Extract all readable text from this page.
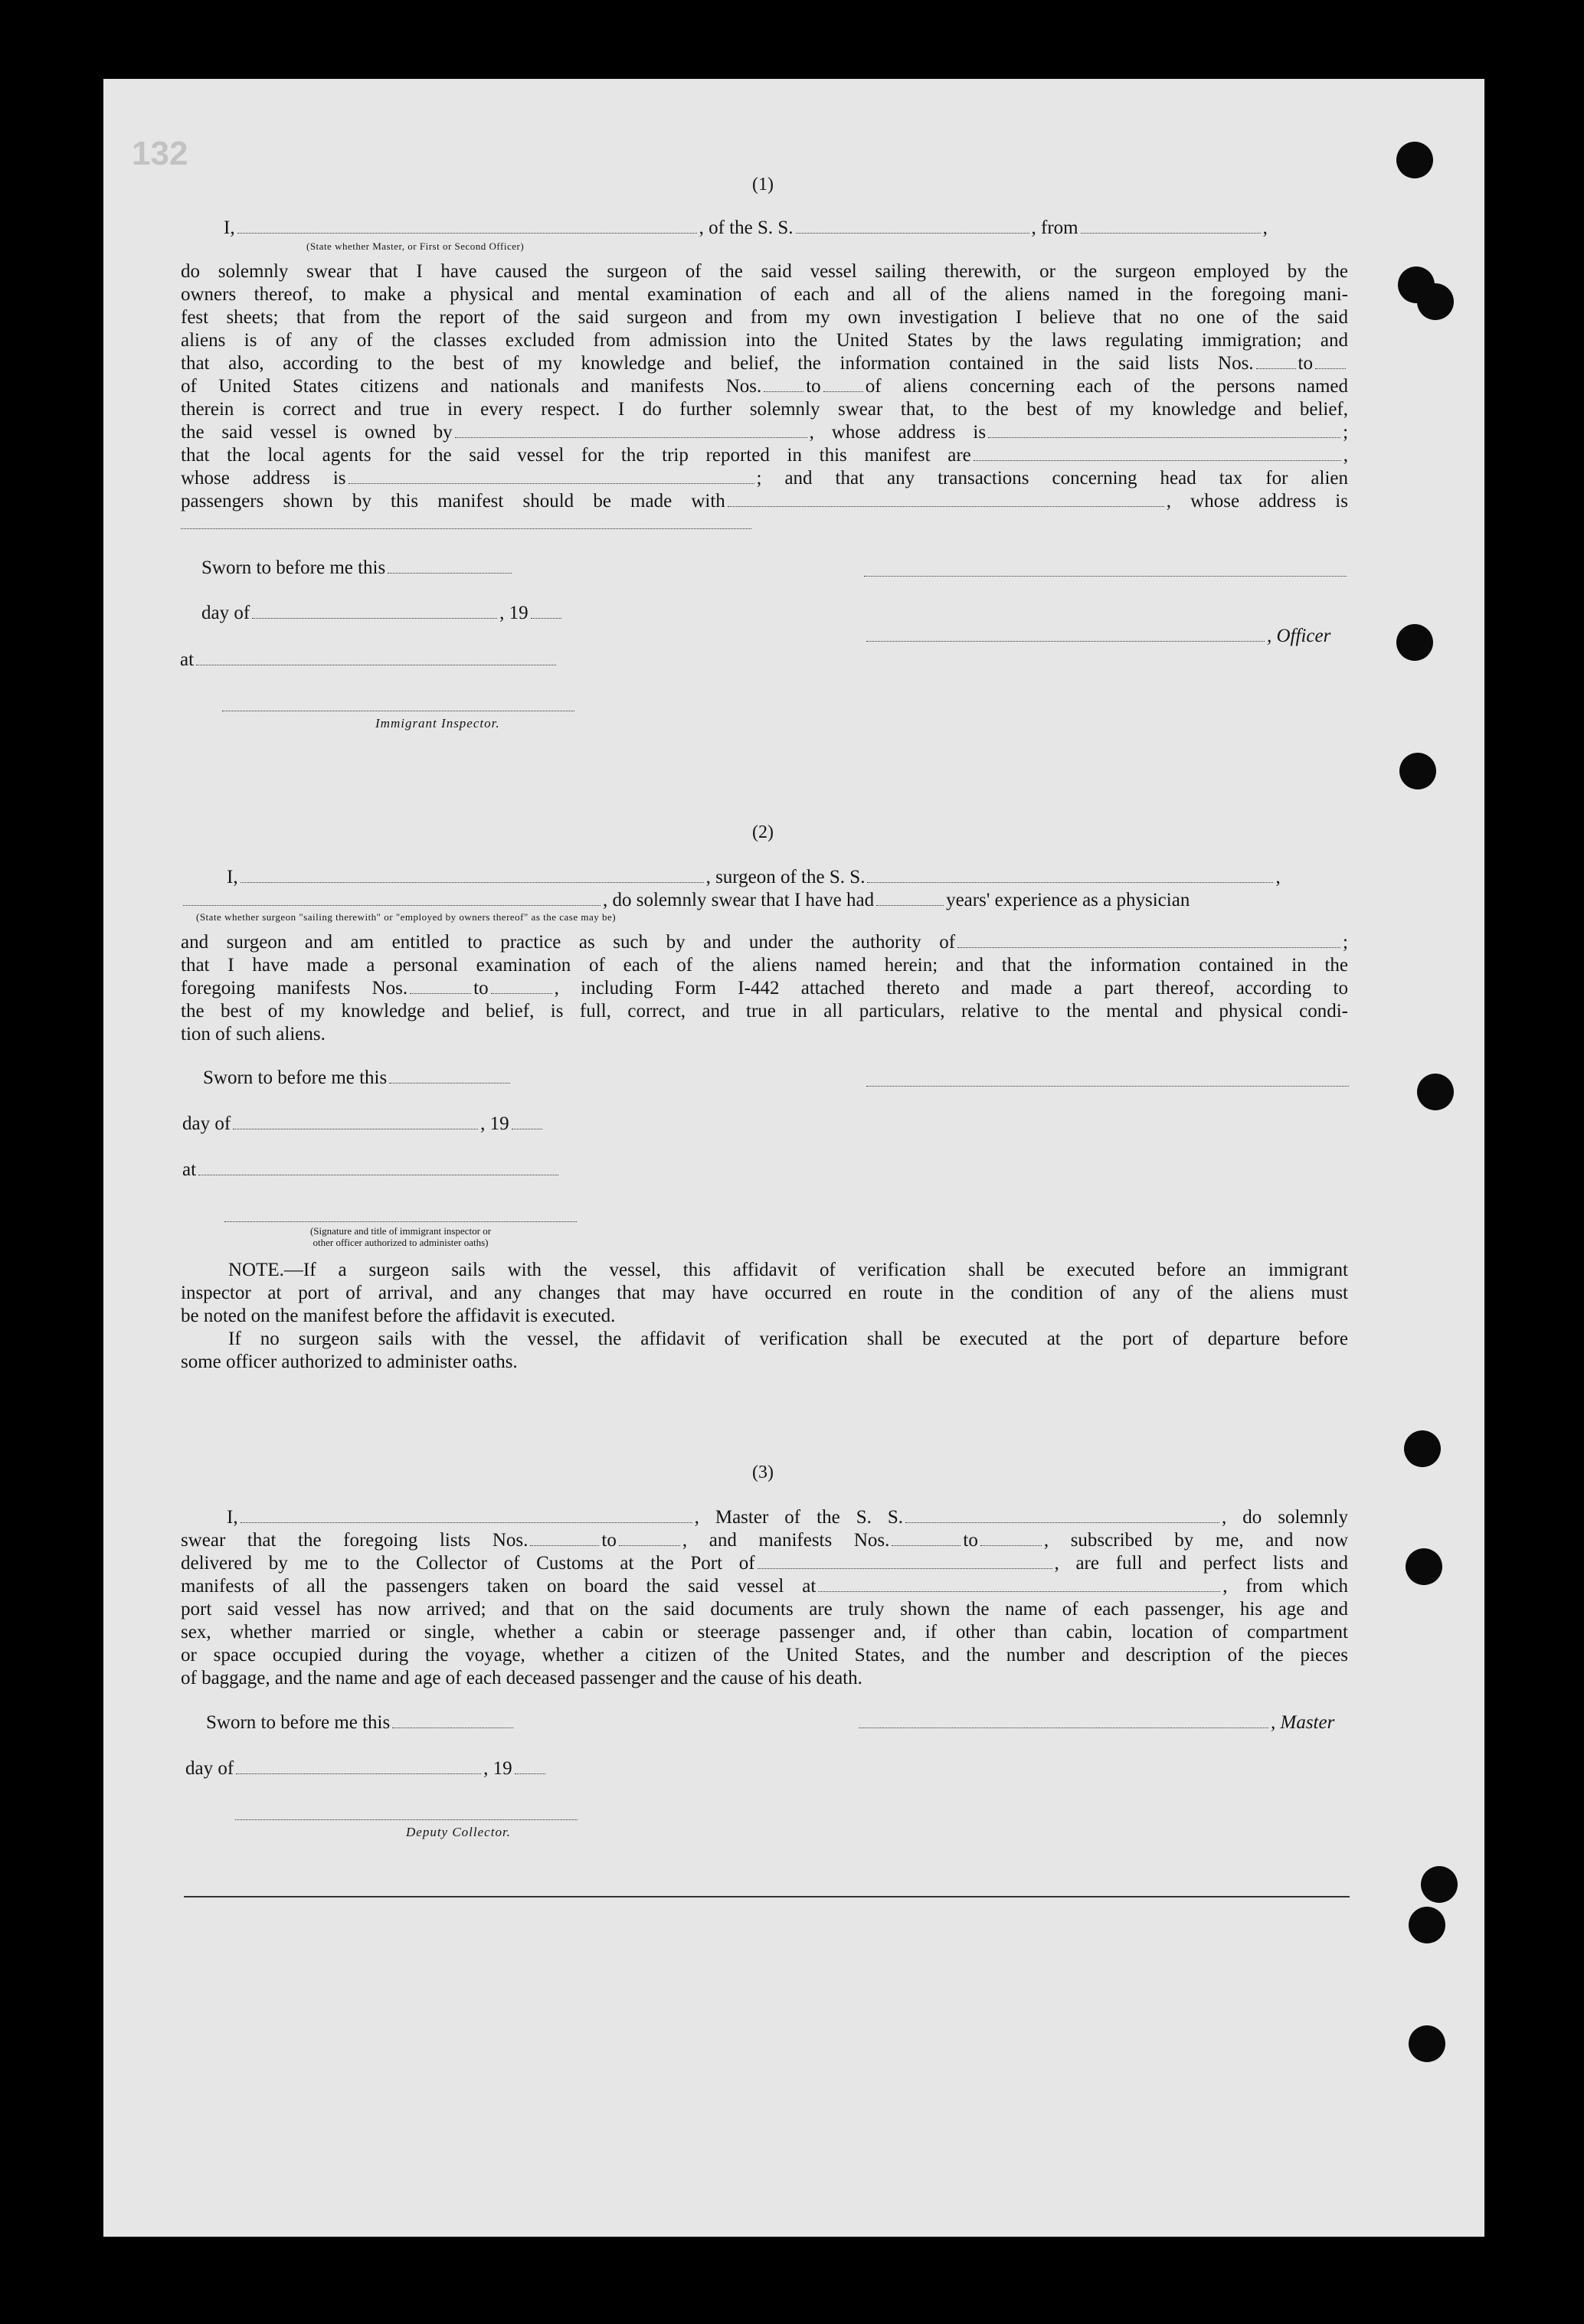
132
(1)
I,	, of the S. S.	, from	,
(State whether Master, or First or Second Officer)
do solemnly swear that I have caused the surgeon of the said vessel sailing therewith, or the surgeon employed by the
owners thereof, to make a physical and mental examination of each and all of the aliens named in the foregoing mani-
fest sheets; that from the report of the said surgeon and from my own investigation I believe that no one of the said
aliens is of any of the classes excluded from admission into the United States by the laws regulating immigration; and
that also, according to the best of my knowledge and belief, the information contained in the said lists Nos. to
of United States citizens and nationals and manifests Nos. to of aliens concerning each of the persons named
therein is correct and true in every respect. I do further solemnly swear that, to the best of my knowledge and belief,
the said vessel is owned by	, whose address is	;
that the local agents for the said vessel for the trip reported in this manifest are	,
whose address is	; and that any transactions concerning head tax for alien
passengers shown by this manifest should be made with	, whose address is
Sworn to before me this
day of	, 19
, Officer
at
Immigrant Inspector.
(2)
I,	, surgeon of the S. S.	,
, do solemnly swear that I have had	years' experience as a physician
(State whether surgeon "sailing therewith" or "employed by owners thereof" as the case may be)
and surgeon and am entitled to practice as such by and under the authority of	;
that I have made a personal examination of each of the aliens named herein; and that the information contained in the
foregoing manifests Nos.	to	, including Form I-442 attached thereto and made a part thereof, according to
the best of my knowledge and belief, is full, correct, and true in all particulars, relative to the mental and physical condi-
tion of such aliens.
Sworn to before me this
day of	, 19
at
(Signature and title of immigrant inspector or
other officer authorized to administer oaths)
NOTE.—If a surgeon sails with the vessel, this affidavit of verification shall be executed before an immigrant
inspector at port of arrival, and any changes that may have occurred en route in the condition of any of the aliens must
be noted on the manifest before the affidavit is executed.
If no surgeon sails with the vessel, the affidavit of verification shall be executed at the port of departure before
some officer authorized to administer oaths.
(3)
I,	, Master of the S. S.	, do solemnly
swear that the foregoing lists Nos.	to	, and manifests Nos.	to	, subscribed by me, and now
delivered by me to the Collector of Customs at the Port of	, are full and perfect lists and
manifests of all the passengers taken on board the said vessel at	, from which
port said vessel has now arrived; and that on the said documents are truly shown the name of each passenger, his age and
sex, whether married or single, whether a cabin or steerage passenger and, if other than cabin, location of compartment
or space occupied during the voyage, whether a citizen of the United States, and the number and description of the pieces
of baggage, and the name and age of each deceased passenger and the cause of his death.
Sworn to before me this	, Master
day of	, 19
Deputy Collector.
